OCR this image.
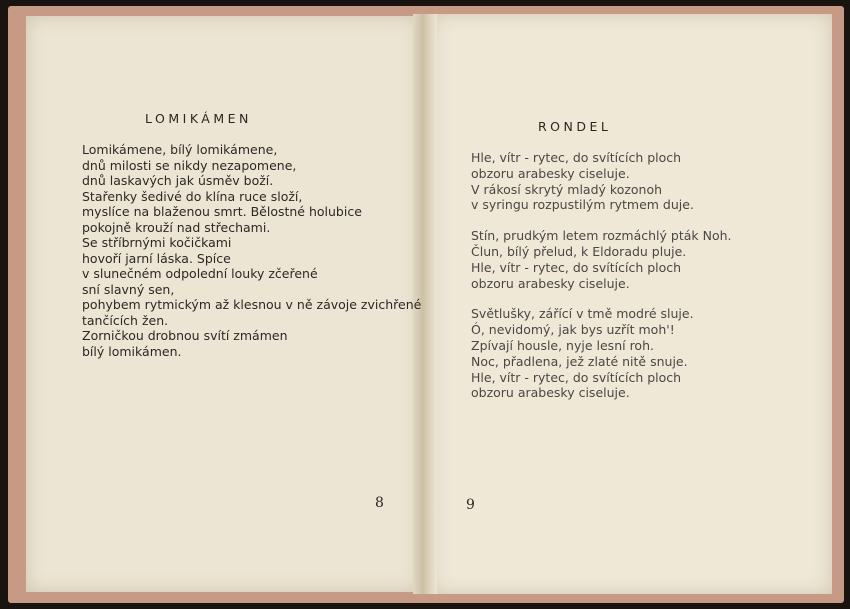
LOMIKÁMEN
Lomikámene, bílý lomikámene,
dnů milosti se nikdy nezapomene,
dnů laskavých jak úsměv boží.
Stařenky šedivé do klína ruce složí,
myslíce na blaženou smrt. Bělostné holubice
pokojně krouží nad střechami.
Se stříbrnými kočičkami
hovoří jarní láska. Spíce
v slunečném odpolední louky zčeřené
sní slavný sen,
pohybem rytmickým až klesnou v ně závoje zvichřené
tančících žen.
Zorničkou drobnou svítí zmámen
bílý lomikámen.
8
RONDEL
Hle, vítr - rytec, do svítících ploch
obzoru arabesky ciseluje.
V rákosí skrytý mladý kozonoh
v syringu rozpustilým rytmem duje.
Stín, prudkým letem rozmáchlý pták Noh.
Člun, bílý přelud, k Eldoradu pluje.
Hle, vítr - rytec, do svítících ploch
obzoru arabesky ciseluje.
Světlušky, zářící v tmě modré sluje.
Ó, nevidomý, jak bys uzřít moh'!
Zpívají housle, nyje lesní roh.
Noc, přadlena, jež zlaté nitě snuje.
Hle, vítr - rytec, do svítících ploch
obzoru arabesky ciseluje.
9
